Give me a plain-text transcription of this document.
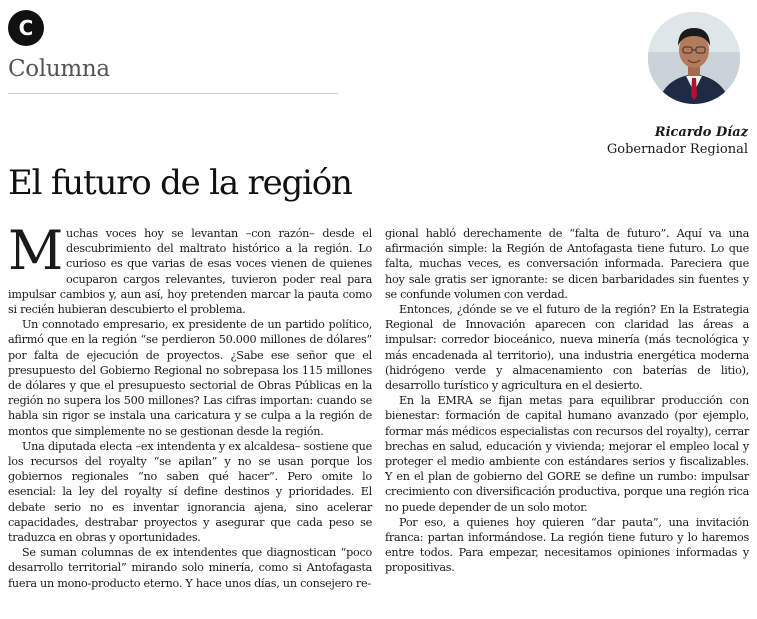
C
Columna
Ricardo Díaz
Gobernador Regional
El futuro de la región

Muchas voces hoy se levantan –con razón– desde el descubrimiento del maltrato histórico a la región. Lo curioso es que varias de esas voces vienen de quienes ocuparon cargos relevantes, tuvieron poder real para impulsar cambios y, aun así, hoy pretenden marcar la pauta como si recién hubieran descubierto el problema.

Un connotado empresario, ex presidente de un partido político, afirmó que en la región “se perdieron 50.000 millones de dólares” por falta de ejecución de proyectos. ¿Sabe ese señor que el presupuesto del Gobierno Regional no sobrepasa los 115 millones de dólares y que el presupuesto sectorial de Obras Públicas en la región no supera los 500 millones? Las cifras importan: cuando se habla sin rigor se instala una caricatura y se culpa a la región de montos que simplemente no se gestionan desde la región.

Una diputada electa –ex intendenta y ex alcaldesa– sostiene que los recursos del royalty “se apilan” y no se usan porque los gobiernos regionales “no saben qué hacer”. Pero omite lo esencial: la ley del royalty sí define destinos y prioridades. El debate serio no es inventar ignorancia ajena, sino acelerar capacidades, destrabar proyectos y asegurar que cada peso se traduzca en obras y oportunidades.

Se suman columnas de ex intendentes que diagnostican “poco desarrollo territorial” mirando solo minería, como si Antofagasta fuera un mono-producto eterno. Y hace unos días, un consejero re-

gional habló derechamente de “falta de futuro”. Aquí va una afirmación simple: la Región de Antofagasta tiene futuro. Lo que falta, muchas veces, es conversación informada. Pareciera que hoy sale gratis ser ignorante: se dicen barbaridades sin fuentes y se confunde volumen con verdad.

Entonces, ¿dónde se ve el futuro de la región? En la Estrategia Regional de Innovación aparecen con claridad las áreas a impulsar: corredor bioceánico, nueva minería (más tecnológica y más encadenada al territorio), una industria energética moderna (hidrógeno verde y almacenamiento con baterías de litio), desarrollo turístico y agricultura en el desierto.

En la EMRA se fijan metas para equilibrar producción con bienestar: formación de capital humano avanzado (por ejemplo, formar más médicos especialistas con recursos del royalty), cerrar brechas en salud, educación y vivienda; mejorar el empleo local y proteger el medio ambiente con estándares serios y fiscalizables. Y en el plan de gobierno del GORE se define un rumbo: impulsar crecimiento con diversificación productiva, porque una región rica no puede depender de un solo motor.

Por eso, a quienes hoy quieren “dar pauta”, una invitación franca: partan informándose. La región tiene futuro y lo haremos entre todos. Para empezar, necesitamos opiniones informadas y propositivas.
